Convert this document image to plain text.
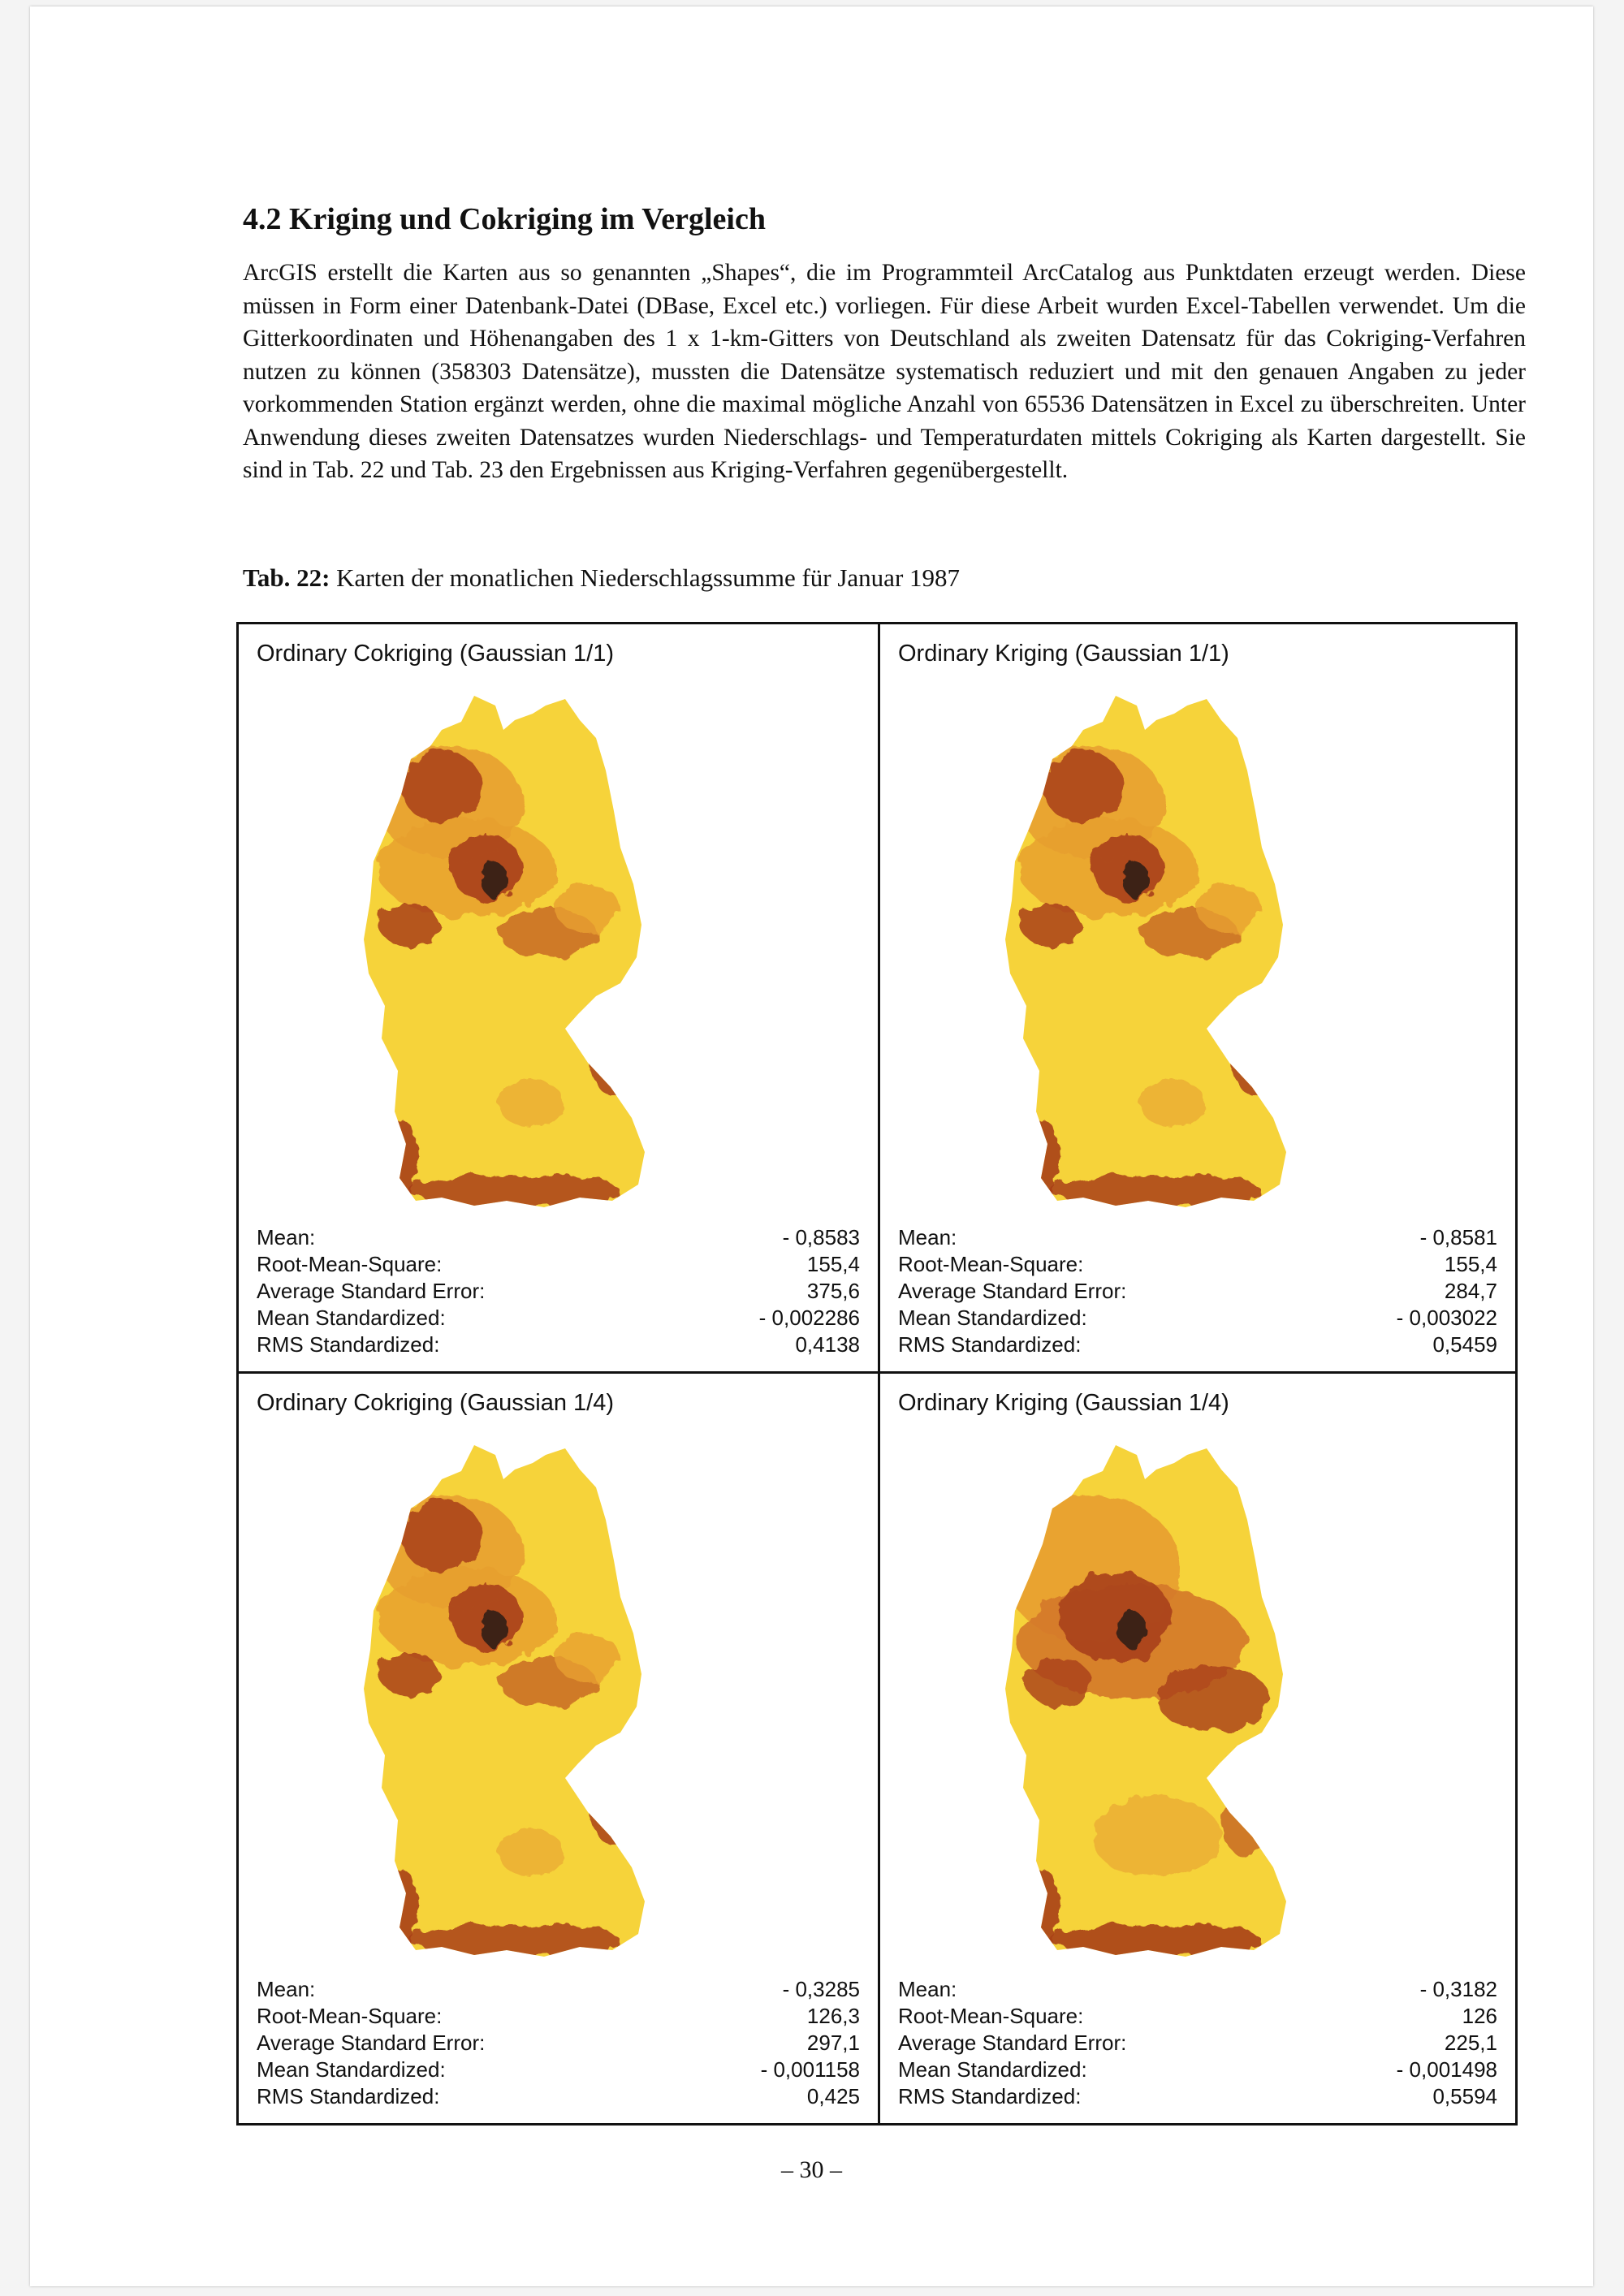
4.2 Kriging und Cokriging im Vergleich

ArcGIS erstellt die Karten aus so genannten „Shapes“, die im Programmteil ArcCatalog aus Punktdaten erzeugt werden. Diese müssen in Form einer Datenbank-Datei (DBase, Excel etc.) vorliegen. Für diese Arbeit wurden Excel-Tabellen verwendet. Um die Gitterkoordinaten und Höhenangaben des 1 x 1-km-Gitters von Deutschland als zweiten Datensatz für das Cokriging-Verfahren nutzen zu können (358303 Datensätze), mussten die Datensätze systematisch reduziert und mit den genauen Angaben zu jeder vorkommenden Station ergänzt werden, ohne die maximal mögliche Anzahl von 65536 Datensätzen in Excel zu überschreiten. Unter Anwendung dieses zweiten Datensatzes wurden Niederschlags- und Temperaturdaten mittels Cokriging als Karten dargestellt. Sie sind in Tab. 22 und Tab. 23 den Ergebnissen aus Kriging-Verfahren gegenübergestellt.

Tab. 22: Karten der monatlichen Niederschlagssumme für Januar 1987

Ordinary Cokriging (Gaussian 1/1)

Mean:	- 0,8583
Root-Mean-Square:	155,4
Average Standard Error:	375,6
Mean Standardized:	- 0,002286
RMS Standardized:	0,4138

Ordinary Kriging (Gaussian 1/1)

Mean:	- 0,8581
Root-Mean-Square:	155,4
Average Standard Error:	284,7
Mean Standardized:	- 0,003022
RMS Standardized:	0,5459

Ordinary Cokriging (Gaussian 1/4)

Mean:	- 0,3285
Root-Mean-Square:	126,3
Average Standard Error:	297,1
Mean Standardized:	- 0,001158
RMS Standardized:	0,425

Ordinary Kriging (Gaussian 1/4)

Mean:	- 0,3182
Root-Mean-Square:	126
Average Standard Error:	225,1
Mean Standardized:	- 0,001498
RMS Standardized:	0,5594

– 30 –
